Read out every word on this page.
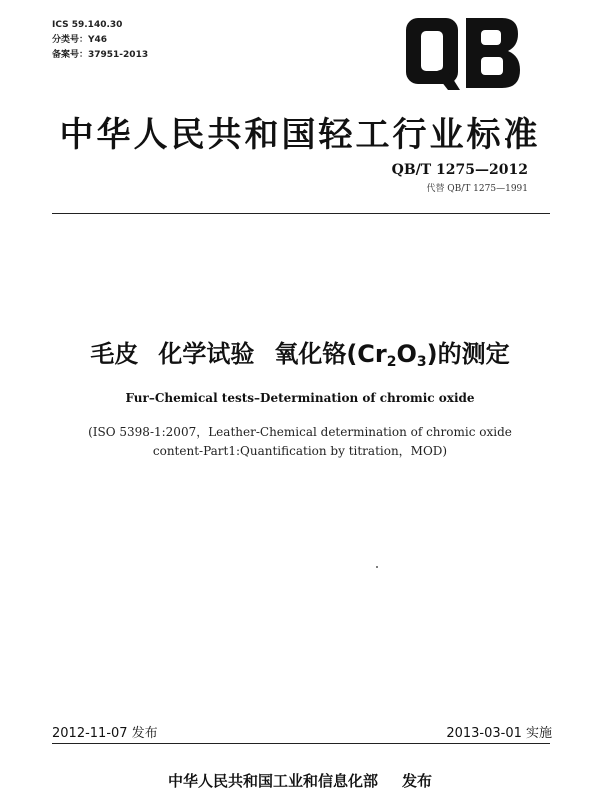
ICS 59.140.30
分类号：Y46
备案号：37951-2013
中华人民共和国轻工行业标准
QB/T 1275—2012
代替 QB/T 1275—1991
毛皮 化学试验 氧化铬$(Cr_2O_3)$的测定
Fur–Chemical tests–Determination of chromic oxide
(ISO 5398-1:2007，Leather-Chemical determination of chromic oxide
content-Part1:Quantification by titration，MOD)
2012-11-07 发布	2013-03-01 实施
中华人民共和国工业和信息化部 发布
